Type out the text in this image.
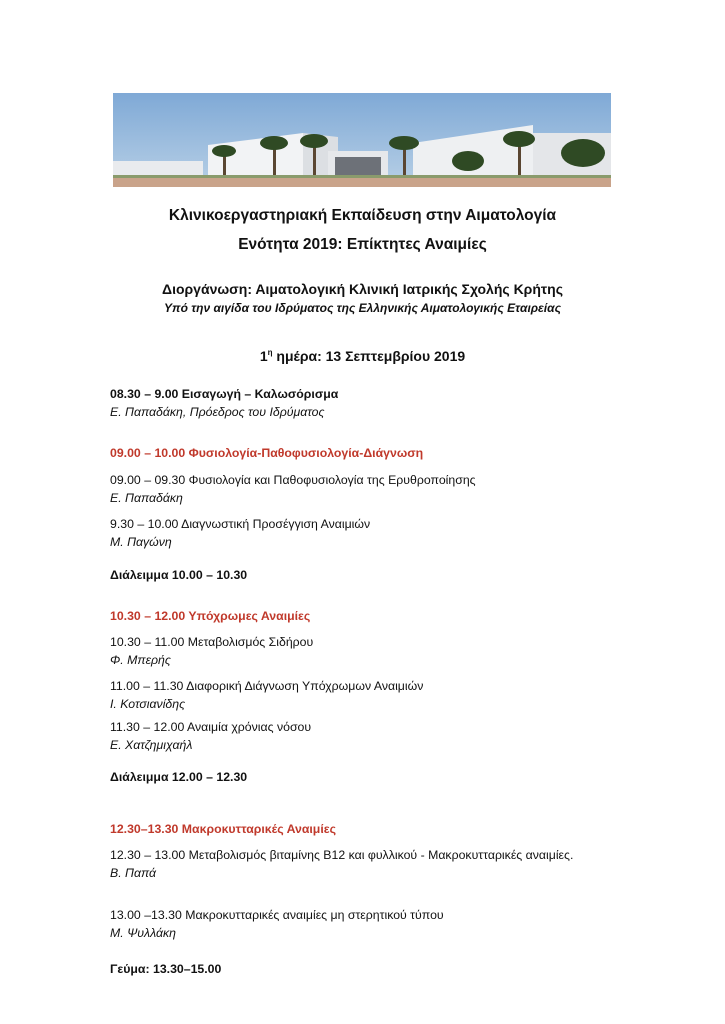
Κλινικοεργαστηριακή Εκπαίδευση στην Αιματολογία
Ενότητα 2019: Επίκτητες Αναιμίες
Διοργάνωση: Αιματολογική Κλινική Ιατρικής Σχολής Κρήτης
Υπό την αιγίδα του Ιδρύματος της Ελληνικής Αιματολογικής Εταιρείας
$1^\eta$ ημέρα: 13 Σεπτεμβρίου 2019
08.30 – 9.00 Εισαγωγή – Καλωσόρισμα
Ε. Παπαδάκη, Πρόεδρος του Ιδρύματος
09.00 – 10.00 Φυσιολογία-Παθοφυσιολογία-Διάγνωση
09.00 – 09.30 Φυσιολογία και Παθοφυσιολογία της Ερυθροποίησης
Ε. Παπαδάκη
9.30 – 10.00 Διαγνωστική Προσέγγιση Αναιμιών
Μ. Παγώνη
Διάλειμμα 10.00 – 10.30
10.30 – 12.00 Υπόχρωμες Αναιμίες
10.30 – 11.00 Μεταβολισμός Σιδήρου
Φ. Μπερής
11.00 – 11.30 Διαφορική Διάγνωση Υπόχρωμων Αναιμιών
Ι. Κοτσιανίδης
11.30 – 12.00 Αναιμία χρόνιας νόσου
Ε. Χατζημιχαήλ
Διάλειμμα 12.00 – 12.30
12.30–13.30 Μακροκυτταρικές Αναιμίες
12.30 – 13.00 Μεταβολισμός βιταμίνης Β12 και φυλλικού - Μακροκυτταρικές αναιμίες.
Β. Παπά
13.00 –13.30 Μακροκυτταρικές αναιμίες μη στερητικού τύπου
Μ. Ψυλλάκη
Γεύμα: 13.30–15.00
